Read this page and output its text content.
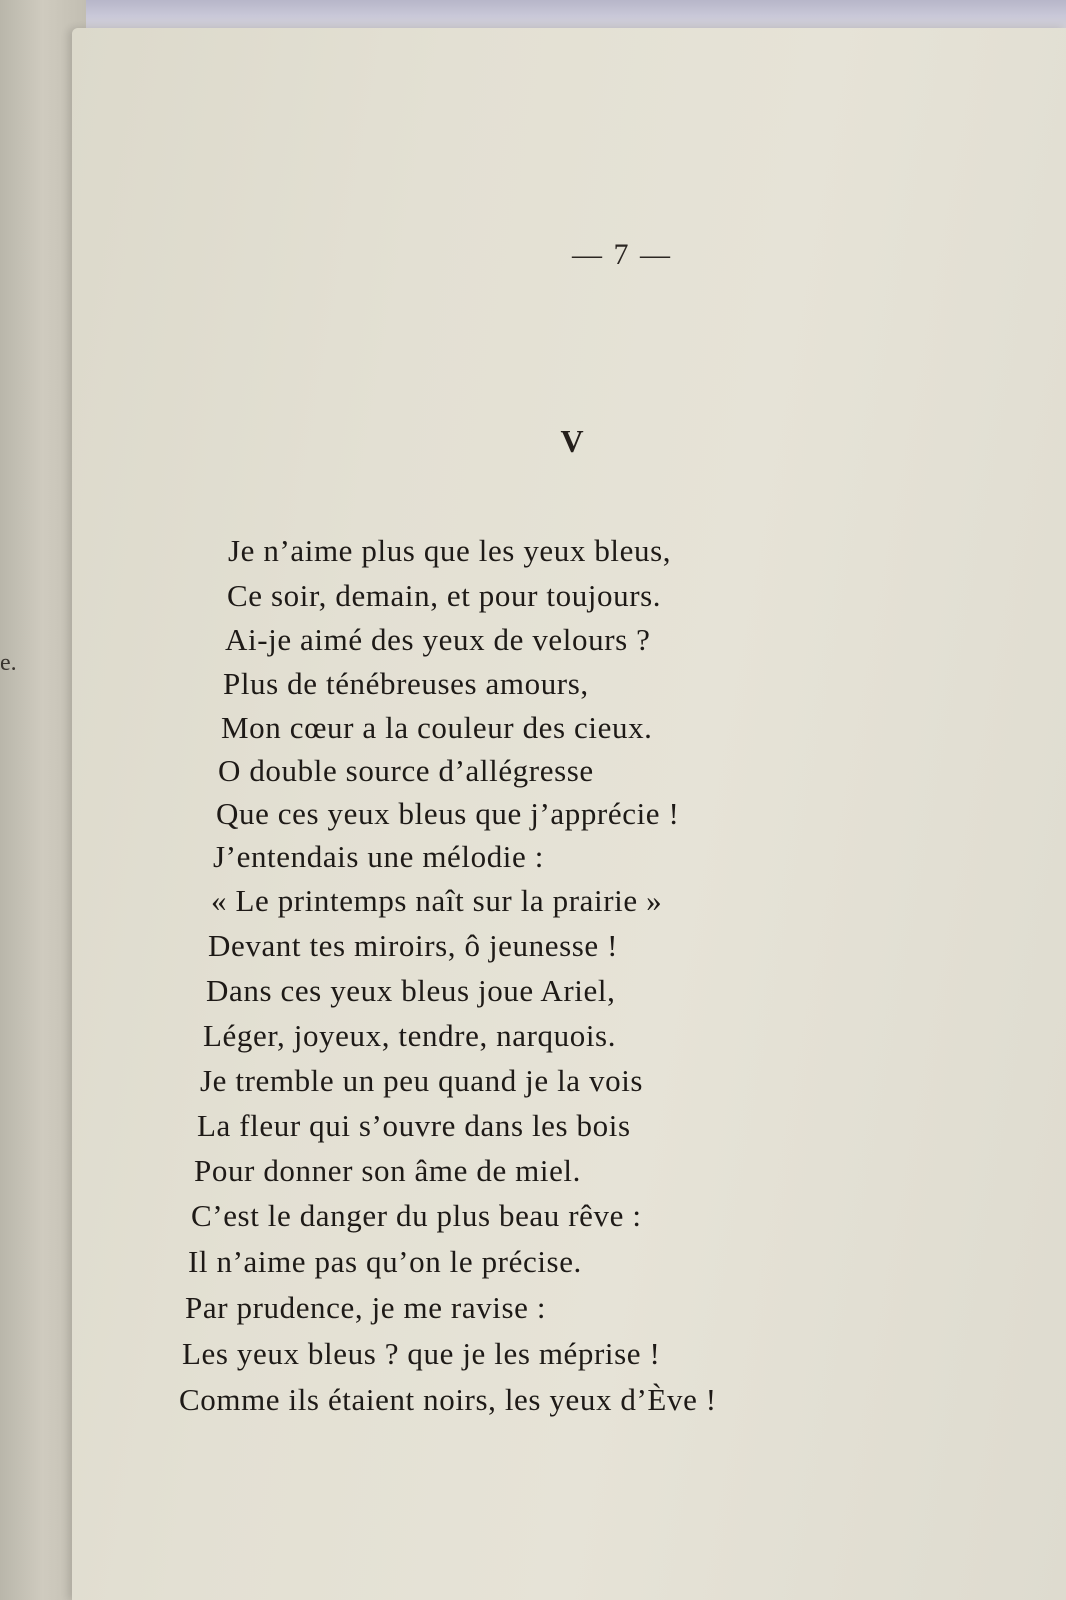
e.
— 7 —
V
Je n’aime plus que les yeux bleus,
Ce soir, demain, et pour toujours.
Ai-je aimé des yeux de velours ?
Plus de ténébreuses amours,
Mon cœur a la couleur des cieux.
O double source d’allégresse
Que ces yeux bleus que j’apprécie !
J’entendais une mélodie :
« Le printemps naît sur la prairie »
Devant tes miroirs, ô jeunesse !
Dans ces yeux bleus joue Ariel,
Léger, joyeux, tendre, narquois.
Je tremble un peu quand je la vois
La fleur qui s’ouvre dans les bois
Pour donner son âme de miel.
C’est le danger du plus beau rêve :
Il n’aime pas qu’on le précise.
Par prudence, je me ravise :
Les yeux bleus ? que je les méprise !
Comme ils étaient noirs, les yeux d’Ève !
